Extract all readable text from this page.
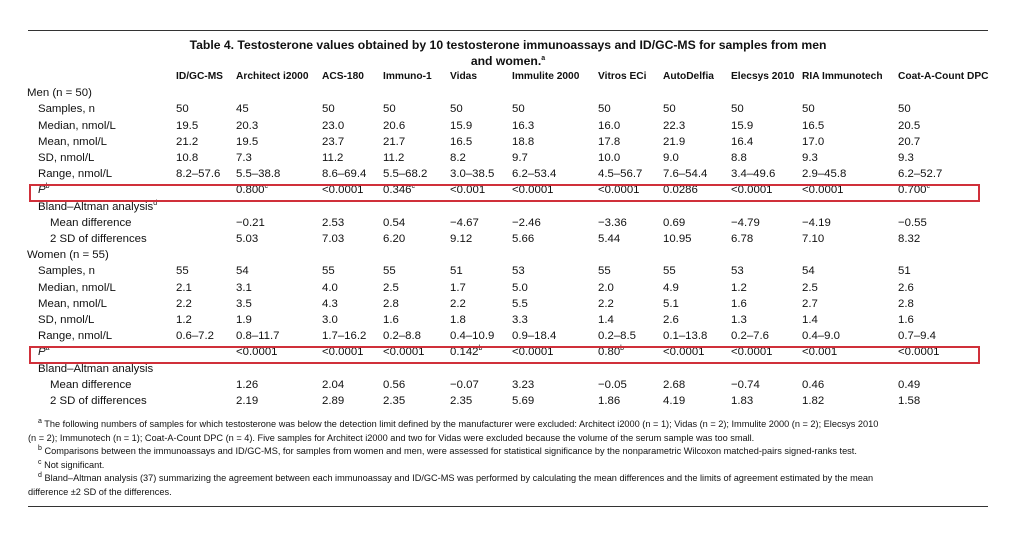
Table 4. Testosterone values obtained by 10 testosterone immunoassays and ID/GC-MS for samples from men
and women.$^a$
	ID/GC-MS	Architect i2000	ACS-180	Immuno-1	Vidas	Immulite 2000	Vitros ECi	AutoDelfia	Elecsys 2010	RIA Immunotech	Coat-A-Count DPC
Men (n = 50)											
Samples, n	50	45	50	50	50	50	50	50	50	50	50
Median, nmol/L	19.5	20.3	23.0	20.6	15.9	16.3	16.0	22.3	15.9	16.5	20.5
Mean, nmol/L	21.2	19.5	23.7	21.7	16.5	18.8	17.8	21.9	16.4	17.0	20.7
SD, nmol/L	10.8	7.3	11.2	11.2	8.2	9.7	10.0	9.0	8.8	9.3	9.3
Range, nmol/L	8.2–57.6	5.5–38.8	8.6–69.4	5.5–68.2	3.0–38.5	6.2–53.4	4.5–56.7	7.6–54.4	3.4–49.6	2.9–45.8	6.2–52.7
$P^b$		0.800$^c$	<0.0001	0.346$^c$	<0.001	<0.0001	<0.0001	0.0286	<0.0001	<0.0001	0.700$^c$
Bland–Altman analysis$^d$
Mean difference		−0.21	2.53	0.54	−4.67	−2.46	−3.36	0.69	−4.79	−4.19	−0.55
2 SD of differences		5.03	7.03	6.20	9.12	5.66	5.44	10.95	6.78	7.10	8.32
Women (n = 55)											
Samples, n	55	54	55	55	51	53	55	55	53	54	51
Median, nmol/L	2.1	3.1	4.0	2.5	1.7	5.0	2.0	4.9	1.2	2.5	2.6
Mean, nmol/L	2.2	3.5	4.3	2.8	2.2	5.5	2.2	5.1	1.6	2.7	2.8
SD, nmol/L	1.2	1.9	3.0	1.6	1.8	3.3	1.4	2.6	1.3	1.4	1.6
Range, nmol/L	0.6–7.2	0.8–11.7	1.7–16.2	0.2–8.8	0.4–10.9	0.9–18.4	0.2–8.5	0.1–13.8	0.2–7.6	0.4–9.0	0.7–9.4
$P^a$		<0.0001	<0.0001	<0.0001	0.142$^b$	<0.0001	0.80$^b$	<0.0001	<0.0001	<0.001	<0.0001
Bland–Altman analysis											
Mean difference		1.26	2.04	0.56	−0.07	3.23	−0.05	2.68	−0.74	0.46	0.49
2 SD of differences		2.19	2.89	2.35	2.35	5.69	1.86	4.19	1.83	1.82	1.58
$^a$ The following numbers of samples for which testosterone was below the detection limit defined by the manufacturer were excluded: Architect i2000 (n = 1); Vidas (n = 2); Immulite 2000 (n = 2); Elecsys 2010
(n = 2); Immunotech (n = 1); Coat-A-Count DPC (n = 4). Five samples for Architect i2000 and two for Vidas were excluded because the volume of the serum sample was too small.
$^b$ Comparisons between the immunoassays and ID/GC-MS, for samples from women and men, were assessed for statistical significance by the nonparametric Wilcoxon matched-pairs signed-ranks test.
$^c$ Not significant.
$^d$ Bland–Altman analysis (37) summarizing the agreement between each immunoassay and ID/GC-MS was performed by calculating the mean differences and the limits of agreement estimated by the mean
difference ±2 SD of the differences.
